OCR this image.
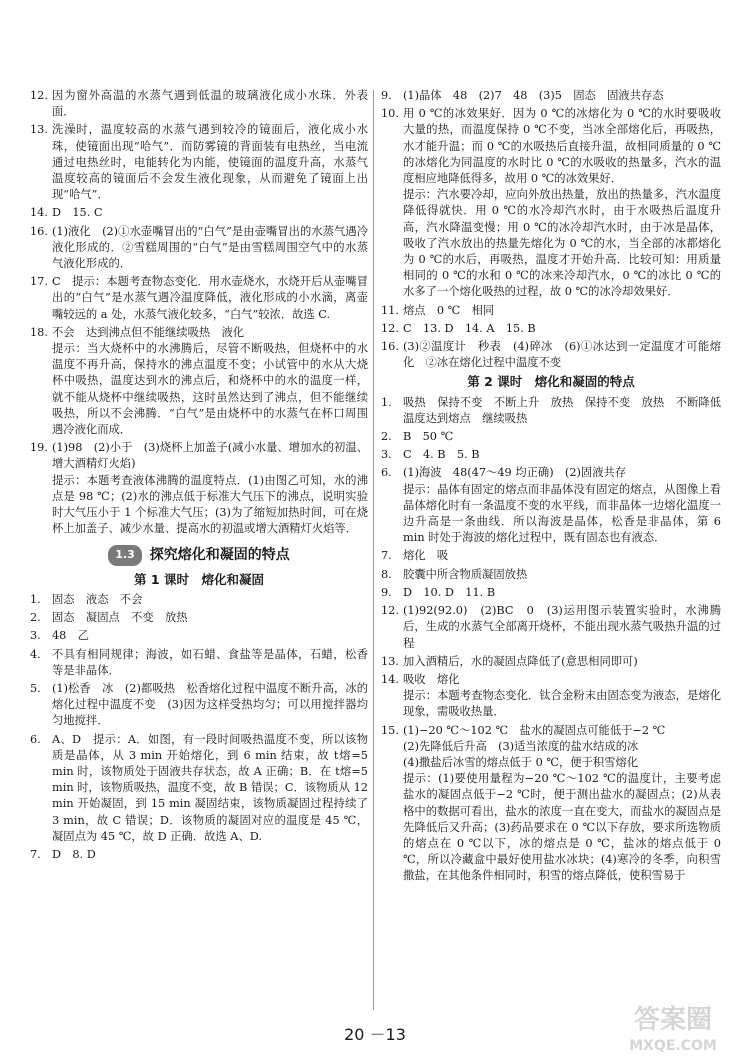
12. 因为窗外高温的水蒸气遇到低温的玻璃液化成小水珠．外表面．
13. 洗澡时，温度较高的水蒸气遇到较冷的镜面后，液化成小水珠，使镜面出现“哈气”．而防雾镜的背面装有电热丝，当电流通过电热丝时，电能转化为内能，使镜面的温度升高，水蒸气温度较高的镜面后不会发生液化现象，从而避免了镜面上出现“哈气”．
14. D　15. C
16. (1)液化　(2)①水壶嘴冒出的“白气”是由壶嘴冒出的水蒸气遇冷液化形成的．②雪糕周围的“白气”是由雪糕周围空气中的水蒸气液化形成的．
17. C　提示：本题考查物态变化．用水壶烧水，水烧开后从壶嘴冒出的“白气”是水蒸气遇冷温度降低，液化形成的小水滴，离壶嘴较远的 a 处，水蒸气液化较多，“白气”较浓．故选 C.
18. 不会　达到沸点但不能继续吸热　液化
提示：当大烧杯中的水沸腾后，尽管不断吸热，但烧杯中的水温度不再升高，保持水的沸点温度不变；小试管中的水从大烧杯中吸热，温度达到水的沸点后，和烧杯中的水的温度一样，就不能从烧杯中继续吸热，这时虽然达到了沸点，但不能继续吸热，所以不会沸腾．“白气”是由烧杯中的水蒸气在杯口周围遇冷液化而成．
19. (1)98　(2)小于　(3)烧杯上加盖子(减小水量、增加水的初温、增大酒精灯火焰)
提示：本题考查液体沸腾的温度特点．(1)由图乙可知，水的沸点是 98 ℃；(2)水的沸点低于标准大气压下的沸点，说明实验时大气压小于 1 个标准大气压；(3)为了缩短加热时间，可在烧杯上加盖子、减少水量、提高水的初温或增大酒精灯火焰等．
1.3	探究熔化和凝固的特点
第 1 课时　熔化和凝固
1. 固态　液态　不会
2. 固态　凝固点　不变　放热
3. 48　乙
4. 不具有相同规律；海波，如石蜡、食盐等是晶体，石蜡，松香等是非晶体．
5. (1)松香　冰　(2)都吸热　松香熔化过程中温度不断升高，冰的熔化过程中温度不变　(3)因为这样受热均匀；可以用搅拌器均匀地搅拌．
6. A、D　提示：A．如图，有一段时间吸热温度不变，所以该物质是晶体，从 3 min 开始熔化，到 6 min 结束，故 t熔=5 min 时，该物质处于固液共存状态，故 A 正确；B．在 t熔=5 min 时，该物质吸热，温度不变，故 B 错误；C．该物质从 12 min 开始凝固，到 15 min 凝固结束，该物质凝固过程持续了 3 min，故 C 错误；D．该物质的凝固对应的温度是 45 ℃，凝固点为 45 ℃，故 D 正确．故选 A、D.
7. D　8. D
9. (1)晶体　48　(2)7　48　(3)5　固态　固液共存态
10. 用 0 ℃的冰效果好．因为 0 ℃的冰熔化为 0 ℃的水时要吸收大量的热，而温度保持 0 ℃不变，当冰全部熔化后，再吸热，水才能升温；而 0 ℃的水吸热后直接升温，故相同质量的 0 ℃的冰熔化为同温度的水时比 0 ℃的水吸收的热量多，汽水的温度相应地降低得多，故用 0 ℃的冰效果好．
提示：汽水要冷却，应向外放出热量，放出的热量多，汽水温度降低得就快．用 0 ℃的水冷却汽水时，由于水吸热后温度升高，汽水降温变慢；用 0 ℃的冰冷却汽水时，由于冰是晶体，吸收了汽水放出的热量先熔化为 0 ℃的水，当全部的冰都熔化为 0 ℃的水后，再吸热，温度才开始升高．比较可知：用质量相同的 0 ℃的水和 0 ℃的冰来冷却汽水，0 ℃的冰比 0 ℃的水多了一个熔化吸热的过程，故 0 ℃的冰冷却效果好．
11. 熔点　0 ℃　相同
12. C　13. D　14. A　15. B
16. (3)②温度计　秒表　(4)碎冰　(6)①冰达到一定温度才可能熔化　②冰在熔化过程中温度不变
第 2 课时　熔化和凝固的特点
1. 吸热　保持不变　不断上升　放热　保持不变　放热　不断降低　温度达到熔点　继续吸热
2. B　50 ℃
3. C　4. B　5. B
6. (1)海波　48(47～49 均正确)　(2)固液共存
提示：晶体有固定的熔点而非晶体没有固定的熔点，从图像上看晶体熔化时有一条温度不变的水平线，而非晶体一边熔化温度一边升高是一条曲线．所以海波是晶体，松香是非晶体，第 6 min 时处于海波的熔化过程中，既有固态也有液态．
7. 熔化　吸
8. 胶囊中所含物质凝固放热
9. D　10. D　11. B
12. (1)92(92.0)　(2)BC　0　(3)运用图示装置实验时，水沸腾后，生成的水蒸气全部离开烧杯，不能出现水蒸气吸热升温的过程
13. 加入酒精后，水的凝固点降低了(意思相同即可)
14. 吸收　熔化
提示：本题考查物态变化．钛合金粉末由固态变为液态，是熔化现象，需吸收热量．
15. (1)−20 ℃～102 ℃　盐水的凝固点可能低于−2 ℃
(2)先降低后升高　(3)适当浓度的盐水结成的冰
(4)撒盐后冰雪的熔点低于 0 ℃，便于积雪熔化
提示：(1)要使用量程为−20 ℃～102 ℃的温度计，主要考虑盐水的凝固点低于−2 ℃时，便于测出盐水的凝固点；(2)从表格中的数据可看出，盐水的浓度一直在变大，而盐水的凝固点是先降低后又升高；(3)药品要求在 0 ℃以下存放，要求所选物质的熔点在 0 ℃以下，冰的熔点是 0 ℃，盐冰的熔点低于 0 ℃，所以冷藏盒中最好使用盐水冰块；(4)寒冷的冬季，向积雪撒盐，在其他条件相同时，积雪的熔点降低，使积雪易于
20 －13	答案圈
MXQE.COM
